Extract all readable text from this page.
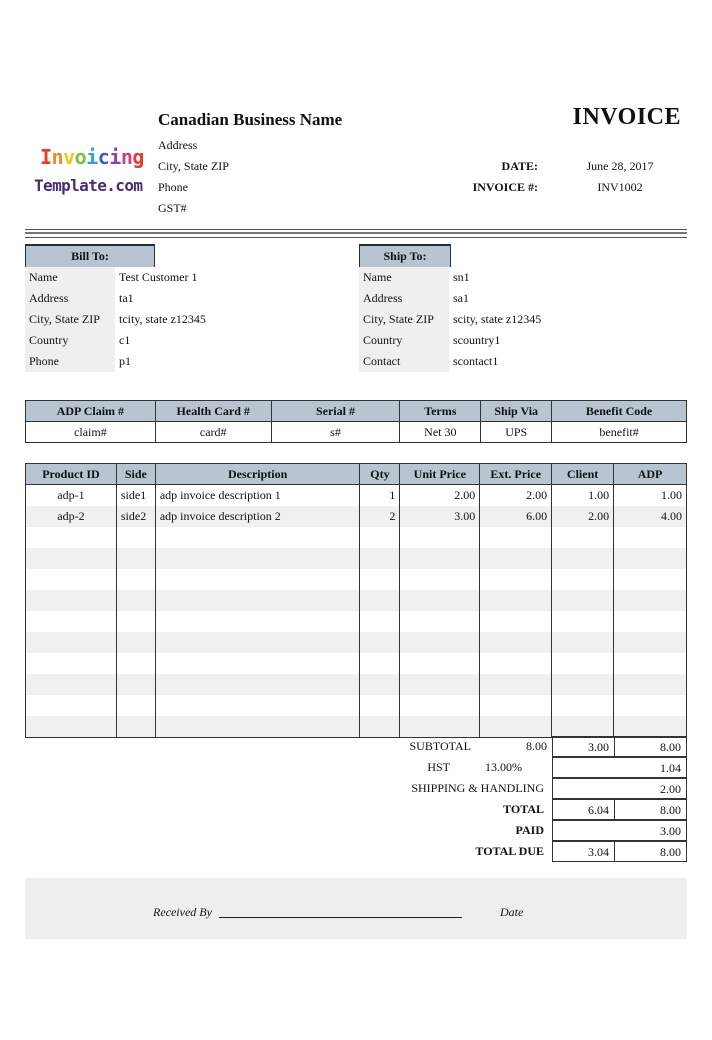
Canadian Business Name
Address
City, State ZIP
Phone
GST#
Invoicing
Template.com
INVOICE
DATE:	June 28, 2017
INVOICE #:	INV1002
Bill To:
Name	Test Customer 1
Address	ta1
City, State ZIP tcity, state z12345
Country	c1
Phone	p1
Ship To:
Name	sn1
Address	sa1
City, State ZIP scity, state z12345
Country	scountry1
Contact	scontact1
ADP Claim #	Health Card #	Serial #	Terms	Ship Via	Benefit Code
claim#	card#	s#	Net 30	UPS	benefit#
Product ID	Side	Description	Qty	Unit Price	Ext. Price	Client	ADP
adp-1	side1	adp invoice description 1	1	2.00	2.00	1.00	1.00
adp-2	side2	adp invoice description 2	2	3.00	6.00	2.00	4.00

SUBTOTAL	8.00	3.00	8.00
HST	13.00%	1.04
SHIPPING & HANDLING	2.00
TOTAL	6.04	8.00
PAID	3.00
TOTAL DUE	3.04	8.00
Received By	Date
